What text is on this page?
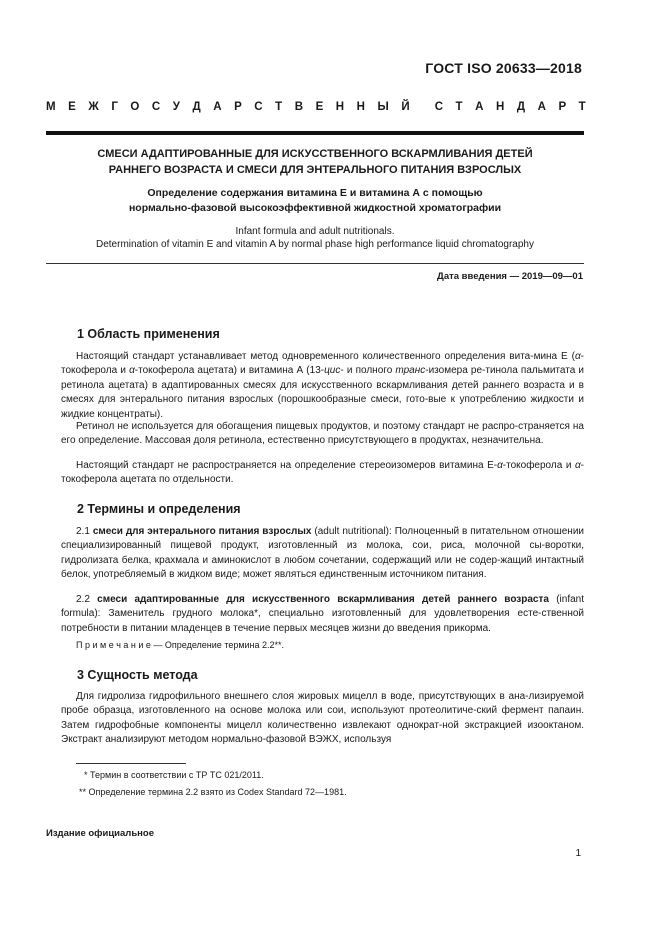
ГОСТ ISO 20633—2018
М Е Ж Г О С У Д А Р С Т В Е Н Н Ы Й С Т А Н Д А Р Т
СМЕСИ АДАПТИРОВАННЫЕ ДЛЯ ИСКУССТВЕННОГО ВСКАРМЛИВАНИЯ ДЕТЕЙ
РАННЕГО ВОЗРАСТА И СМЕСИ ДЛЯ ЭНТЕРАЛЬНОГО ПИТАНИЯ ВЗРОСЛЫХ
Определение содержания витамина Е и витамина А с помощью
нормально-фазовой высокоэффективной жидкостной хроматографии
Infant formula and adult nutritionals.
Determination of vitamin E and vitamin A by normal phase high performance liquid chromatography
Дата введения — 2019—09—01
1 Область применения

Настоящий стандарт устанавливает метод одновременного количественного определения вита-мина Е (α-токоферола и α-токоферола ацетата) и витамина А (13-цис- и полного транс-изомера ре-тинола пальмитата и ретинола ацетата) в адаптированных смесях для искусственного вскармливания детей раннего возраста и в смесях для энтерального питания взрослых (порошкообразные смеси, гото-вые к употреблению жидкости и жидкие концентраты).

Ретинол не используется для обогащения пищевых продуктов, и поэтому стандарт не распро-страняется на его определение. Массовая доля ретинола, естественно присутствующего в продуктах, незначительна.

Настоящий стандарт не распространяется на определение стереоизомеров витамина Е-α-токоферола и α-токоферола ацетата по отдельности.

2 Термины и определения

2.1 смеси для энтерального питания взрослых (adult nutritional): Полноценный в питательном отношении специализированный пищевой продукт, изготовленный из молока, сои, риса, молочной сы-воротки, гидролизата белка, крахмала и аминокислот в любом сочетании, содержащий или не содер-жащий интактный белок, употребляемый в жидком виде; может являться единственным источником питания.

2.2 смеси адаптированные для искусственного вскармливания детей раннего возраста (infant formula): Заменитель грудного молока*, специально изготовленный для удовлетворения есте-ственной потребности в питании младенцев в течение первых месяцев жизни до введения прикорма.

П р и м е ч а н и е — Определение термина 2.2**.
3 Сущность метода

Для гидролиза гидрофильного внешнего слоя жировых мицелл в воде, присутствующих в ана-лизируемой пробе образца, изготовленного на основе молока или сои, используют протеолитиче-ский фермент папаин. Затем гидрофобные компоненты мицелл количественно извлекают однократ-ной экстракцией изооктаном. Экстракт анализируют методом нормально-фазовой ВЭЖХ, используя

* Термин в соответствии с ТР ТС 021/2011.
** Определение термина 2.2 взято из Codex Standard 72—1981.
Издание официальное
1
